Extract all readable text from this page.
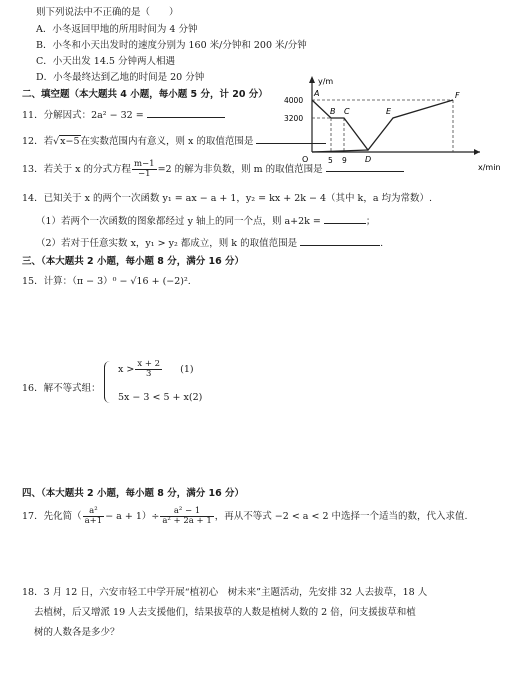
则下列说法中不正确的是（　　）
A．小冬返回甲地的所用时间为 4 分钟
B．小冬和小天出发时的速度分别为 160 米/分钟和 200 米/分钟
C．小天出发 14.5 分钟两人相遇
D．小冬最终达到乙地的时间是 20 分钟	y/m
x/min
O
4000
3200
5 9
A
B C
D
E
F
二、填空题（本大题共 4 小题，每小题 5 分，计 20 分）
11．分解因式：2a² − 32 =
12．若√x−5在实数范围内有意义，则 x 的取值范围是
13．若关于 x 的分式方程 $\frac{m-1}{-1} =2$ 的解为非负数，则 m 的取值范围是
14．已知关于 x 的两个一次函数 y₁ = ax − a + 1，y₂ = kx + 2k − 4（其中 k，a 均为常数）.
（1）若两个一次函数的图象都经过 y 轴上的同一个点，则 a+2k =	；
（2）若对于任意实数 x，y₁ > y₂ 都成立，则 k 的取值范围是	.
三、（本大题共 2 小题，每小题 8 分，满分 16 分）
15．计算：（π − 3）⁰ − √16 + (−2)².
16．解不等式组：
$x > \frac{x + 2}{3} (1)$
5x − 3 < 5 + x(2)
四、（本大题共 2 小题，每小题 8 分，满分 16 分）
17．先化简（ $\frac{\text{a²}}{a+1} - a + 1)\div \frac{\text{a² − 1}}{\text{a² + 2a + 1}}$ ，再从不等式 −2 < a < 2 中选择一个适当的数，代入求值.
18．3 月 12 日，六安市轻工中学开展“植初心　树未来”主题活动，先安排 32 人去拔草，18 人
去植树，后又增派 19 人去支援他们，结果拔草的人数是植树人数的 2 倍，问支援拔草和植
树的人数各是多少？
